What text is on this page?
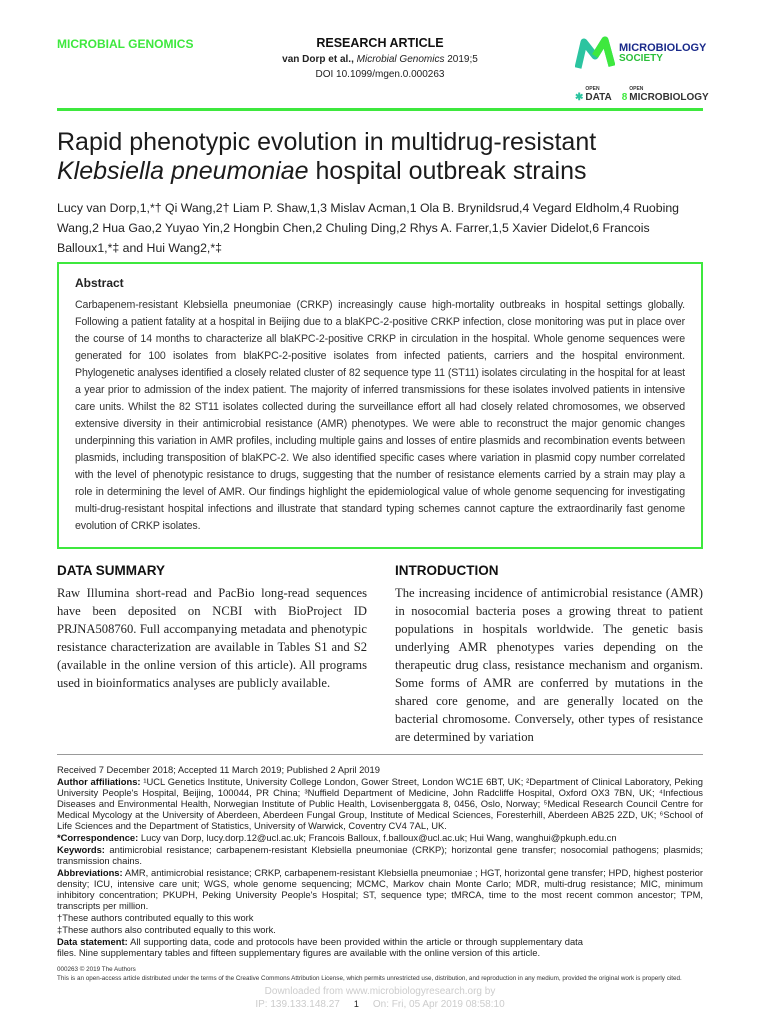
MICROBIAL GENOMICS	RESEARCH ARTICLE
van Dorp et al., Microbial Genomics 2019;5
DOI 10.1099/mgen.0.000263
MICROBIOLOGY
SOCIETY
✱
OPEN
DATA 8
OPEN
MICROBIOLOGY
Rapid phenotypic evolution in multidrug-resistant Klebsiella pneumoniae hospital outbreak strains
Lucy van Dorp,1,*† Qi Wang,2† Liam P. Shaw,1,3 Mislav Acman,1 Ola B. Brynildsrud,4 Vegard Eldholm,4 Ruobing Wang,2 Hua Gao,2 Yuyao Yin,2 Hongbin Chen,2 Chuling Ding,2 Rhys A. Farrer,1,5 Xavier Didelot,6 Francois Balloux1,*‡ and Hui Wang2,*‡
Abstract

Carbapenem-resistant Klebsiella pneumoniae (CRKP) increasingly cause high-mortality outbreaks in hospital settings globally. Following a patient fatality at a hospital in Beijing due to a blaKPC-2-positive CRKP infection, close monitoring was put in place over the course of 14 months to characterize all blaKPC-2-positive CRKP in circulation in the hospital. Whole genome sequences were generated for 100 isolates from blaKPC-2-positive isolates from infected patients, carriers and the hospital environment. Phylogenetic analyses identified a closely related cluster of 82 sequence type 11 (ST11) isolates circulating in the hospital for at least a year prior to admission of the index patient. The majority of inferred transmissions for these isolates involved patients in intensive care units. Whilst the 82 ST11 isolates collected during the surveillance effort all had closely related chromosomes, we observed extensive diversity in their antimicrobial resistance (AMR) phenotypes. We were able to reconstruct the major genomic changes underpinning this variation in AMR profiles, including multiple gains and losses of entire plasmids and recombination events between plasmids, including transposition of blaKPC-2. We also identified specific cases where variation in plasmid copy number correlated with the level of phenotypic resistance to drugs, suggesting that the number of resistance elements carried by a strain may play a role in determining the level of AMR. Our findings highlight the epidemiological value of whole genome sequencing for investigating multi-drug-resistant hospital infections and illustrate that standard typing schemes cannot capture the extraordinarily fast genome evolution of CRKP isolates.

DATA SUMMARY

Raw Illumina short-read and PacBio long-read sequences have been deposited on NCBI with BioProject ID PRJNA508760. Full accompanying metadata and phenotypic resistance characterization are available in Tables S1 and S2 (available in the online version of this article). All programs used in bioinformatics analyses are publicly available.

INTRODUCTION

The increasing incidence of antimicrobial resistance (AMR) in nosocomial bacteria poses a growing threat to patient populations in hospitals worldwide. The genetic basis underlying AMR phenotypes varies depending on the therapeutic drug class, resistance mechanism and organism. Some forms of AMR are conferred by mutations in the shared core genome, and are generally located on the bacterial chromosome. Conversely, other types of resistance are determined by variation

Received 7 December 2018; Accepted 11 March 2019; Published 2 April 2019
Author affiliations: ¹UCL Genetics Institute, University College London, Gower Street, London WC1E 6BT, UK; ²Department of Clinical Laboratory, Peking University People's Hospital, Beijing, 100044, PR China; ³Nuffield Department of Medicine, John Radcliffe Hospital, Oxford OX3 7BN, UK; ⁴Infectious Diseases and Environmental Health, Norwegian Institute of Public Health, Lovisenberggata 8, 0456, Oslo, Norway; ⁵Medical Research Council Centre for Medical Mycology at the University of Aberdeen, Aberdeen Fungal Group, Institute of Medical Sciences, Foresterhill, Aberdeen AB25 2ZD, UK; ⁶School of Life Sciences and the Department of Statistics, University of Warwick, Coventry CV4 7AL, UK.
*Correspondence: Lucy van Dorp, lucy.dorp.12@ucl.ac.uk; Francois Balloux, f.balloux@ucl.ac.uk; Hui Wang, wanghui@pkuph.edu.cn
Keywords: antimicrobial resistance; carbapenem-resistant Klebsiella pneumoniae (CRKP); horizontal gene transfer; nosocomial pathogens; plasmids; transmission chains.
Abbreviations: AMR, antimicrobial resistance; CRKP, carbapenem-resistant Klebsiella pneumoniae ; HGT, horizontal gene transfer; HPD, highest posterior density; ICU, intensive care unit; WGS, whole genome sequencing; MCMC, Markov chain Monte Carlo; MDR, multi-drug resistance; MIC, minimum inhibitory concentration; PKUPH, Peking University People's Hospital; ST, sequence type; tMRCA, time to the most recent common ancestor; TPM, transcripts per million.
†These authors contributed equally to this work
‡These authors also contributed equally to this work.
Data statement: All supporting data, code and protocols have been provided within the article or through supplementary data files. Nine supplementary tables and fifteen supplementary figures are available with the online version of this article.
000263 © 2019 The Authors
This is an open-access article distributed under the terms of the Creative Commons Attribution License, which permits unrestricted use, distribution, and reproduction in any medium, provided the original work is properly cited.
Downloaded from www.microbiologyresearch.org by
IP: 139.133.148.27 1 On: Fri, 05 Apr 2019 08:58:10
